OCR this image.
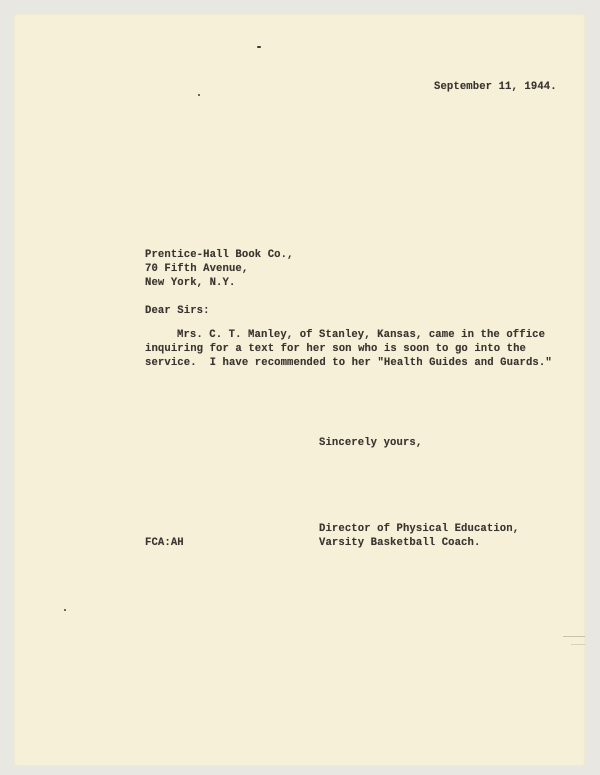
September 11, 1944.
Prentice-Hall Book Co.,
70 Fifth Avenue,
New York, N.Y.
Dear Sirs:
Mrs. C. T. Manley, of Stanley, Kansas, came in the office
inquiring for a text for her son who is soon to go into the
service.  I have recommended to her "Health Guides and Guards."
Sincerely yours,
FCA:AH
Director of Physical Education,
Varsity Basketball Coach.
